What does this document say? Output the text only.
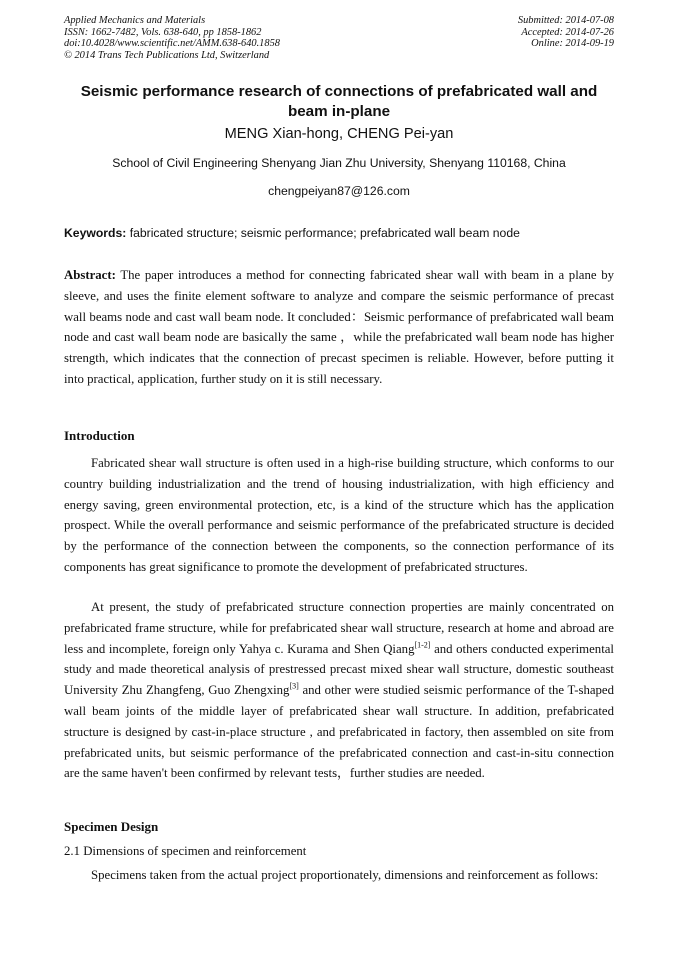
Applied Mechanics and Materials
ISSN: 1662-7482, Vols. 638-640, pp 1858-1862
doi:10.4028/www.scientific.net/AMM.638-640.1858
© 2014 Trans Tech Publications Ltd, Switzerland
Submitted: 2014-07-08
Accepted: 2014-07-26
Online: 2014-09-19
Seismic performance research of connections of prefabricated wall and beam in-plane
MENG Xian-hong, CHENG Pei-yan
School of Civil Engineering Shenyang Jian Zhu University, Shenyang 110168, China
chengpeiyan87@126.com
Keywords: fabricated structure; seismic performance; prefabricated wall beam node
Abstract: The paper introduces a method for connecting fabricated shear wall with beam in a plane by sleeve, and uses the finite element software to analyze and compare the seismic performance of precast wall beams node and cast wall beam node. It concluded：Seismic performance of prefabricated wall beam node and cast wall beam node are basically the same ，while the prefabricated wall beam node has higher strength, which indicates that the connection of precast specimen is reliable. However, before putting it into practical, application, further study on it is still necessary.
Introduction
Fabricated shear wall structure is often used in a high-rise building structure, which conforms to our country building industrialization and the trend of housing industrialization, with high efficiency and energy saving, green environmental protection, etc, is a kind of the structure which has the application prospect. While the overall performance and seismic performance of the prefabricated structure is decided by the performance of the connection between the components, so the connection performance of its components has great significance to promote the development of prefabricated structures.
At present, the study of prefabricated structure connection properties are mainly concentrated on prefabricated frame structure, while for prefabricated shear wall structure, research at home and abroad are less and incomplete, foreign only Yahya c. Kurama and Shen Qiang[1-2] and others conducted experimental study and made theoretical analysis of prestressed precast mixed shear wall structure, domestic southeast University Zhu Zhangfeng, Guo Zhengxing[3] and other were studied seismic performance of the T-shaped wall beam joints of the middle layer of prefabricated shear wall structure. In addition, prefabricated structure is designed by cast-in-place structure , and prefabricated in factory, then assembled on site from prefabricated units, but seismic performance of the prefabricated connection and cast-in-situ connection are the same haven't been confirmed by relevant tests，further studies are needed.
Specimen Design
2.1 Dimensions of specimen and reinforcement
Specimens taken from the actual project proportionately, dimensions and reinforcement as follows:
